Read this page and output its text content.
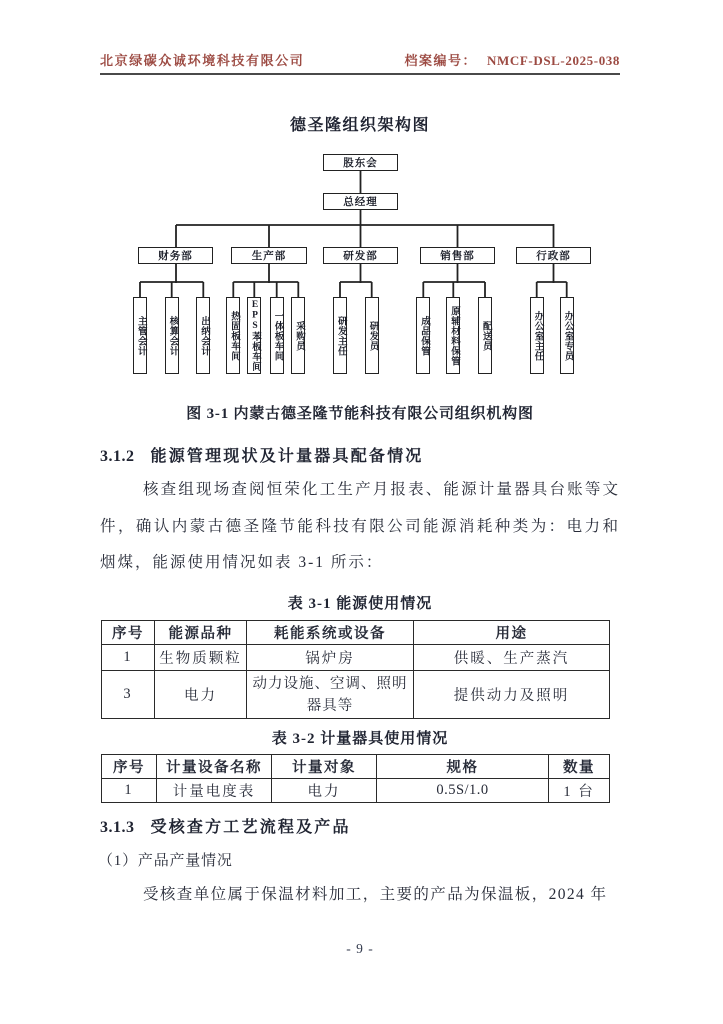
北京绿碳众诚环境科技有限公司	档案编号： NMCF-DSL-2025-038
德圣隆组织架构图
股东会
总经理
财务部	生产部	研发部	销售部	行政部
主管会计 核算会计 出纳会计 热固板车间 EPS苯板车间 一体板车间 采购员	研发主任 研发员	成品保管 原辅材料保管 配送员	办公室主任 办公室专员
图 3-1 内蒙古德圣隆节能科技有限公司组织机构图
3.1.2 能源管理现状及计量器具配备情况
核查组现场查阅恒荣化工生产月报表、能源计量器具台账等文
件，确认内蒙古德圣隆节能科技有限公司能源消耗种类为：电力和
烟煤，能源使用情况如表 3-1 所示：
表 3-1 能源使用情况
序号	能源品种	耗能系统或设备	用途
1	生物质颗粒	锅炉房	供暖、生产蒸汽
3	电力	动力设施、空调、照明器具等	提供动力及照明
表 3-2 计量器具使用情况
序号	计量设备名称	计量对象	规格	数量
1	计量电度表	电力	0.5S/1.0	1 台
3.1.3 受核查方工艺流程及产品
（1）产品产量情况
受核查单位属于保温材料加工，主要的产品为保温板，2024 年
- 9 -
